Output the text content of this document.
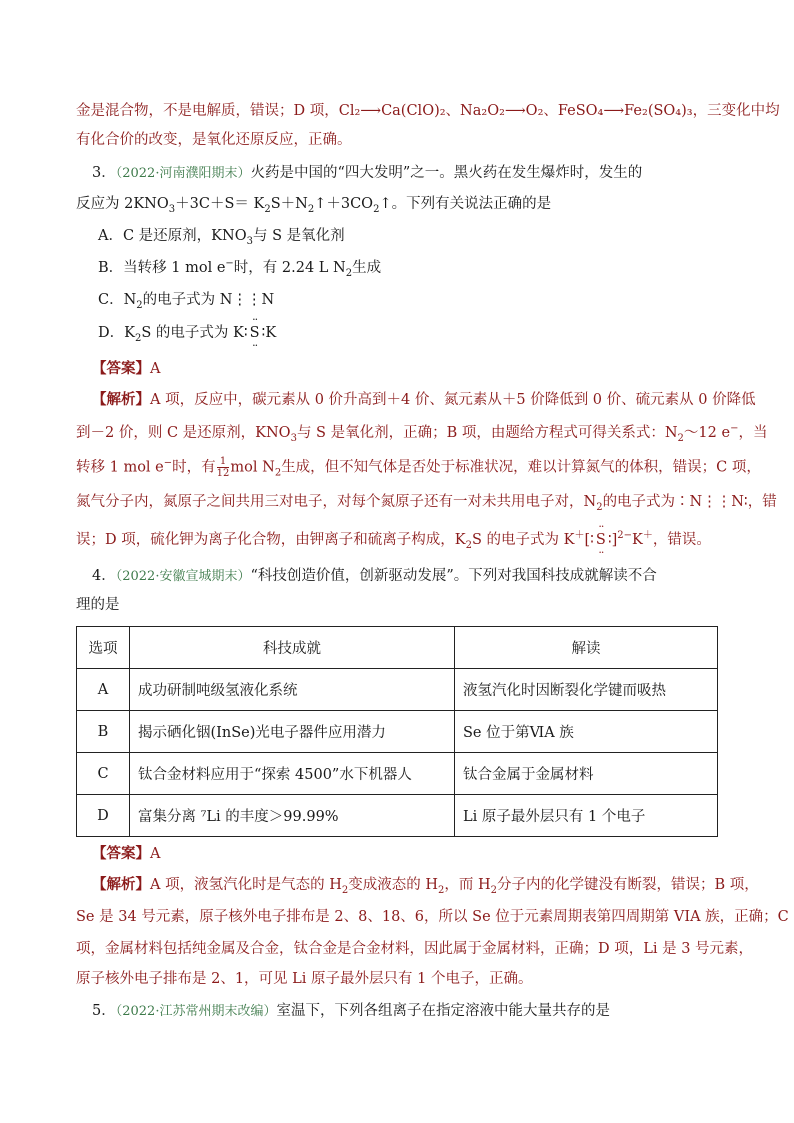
金是混合物，不是电解质，错误；D 项，Cl₂⟶Ca(ClO)₂、Na₂O₂⟶O₂、FeSO₄⟶Fe₂(SO₄)₃，三变化中均
有化合价的改变，是氧化还原反应，正确。
3．（2022·河南濮阳期末）火药是中国的“四大发明”之一。黑火药在发生爆炸时，发生的
反应为 $2KNO_3+3C+S=$ $K_2S+N_2↑+3CO_2↑$。下列有关说法正确的是
A．C 是还原剂，$KNO_3$与 S 是氧化剂
B．当转移 1 mol e−时，有 2.24 L $N_2$生成
C．$N_2$的电子式为 N⋮⋮N
D．$K_2S$ 的电子式为 K∶ ·· S ·· ∶K
【答案】A
【解析】A 项，反应中，碳元素从 0 价升高到＋4 价、氮元素从＋5 价降低到 0 价、硫元素从 0 价降低
到－2 价，则 C 是还原剂，$KNO_3$与 S 是氧化剂，正确；B 项，由题给方程式可得关系式：$N_2\sim 12$ e−，当
转移 1 mol e−时，有 $\frac{1}{12}$ mol $N_2$生成，但不知气体是否处于标准状况，难以计算氮气的体积，错误；C 项，
氮气分子内，氮原子之间共用三对电子，对每个氮原子还有一对未共用电子对，$N_2$的电子式为∶N⋮⋮N∶，错
误；D 项，硫化钾为离子化合物，由钾离子和硫离子构成，$K_2S$ 的电子式为 K＋[∶ ·· S ·· ∶]$^{2-}$K＋，错误。
4．（2022·安徽宣城期末）“科技创造价值，创新驱动发展”。下列对我国科技成就解读不合
理的是
选项	科技成就	解读
A	成功研制吨级氢液化系统	液氢汽化时因断裂化学键而吸热
B	揭示硒化铟(InSe)光电子器件应用潜力	Se 位于第ⅥA 族
C	钛合金材料应用于“探索 4500”水下机器人	钛合金属于金属材料
D	富集分离 ⁷Li 的丰度＞99.99%	Li 原子最外层只有 1 个电子
【答案】A
【解析】A 项，液氢汽化时是气态的 $H_2$变成液态的 $H_2$，而 $H_2$分子内的化学键没有断裂，错误；B 项，
Se 是 34 号元素，原子核外电子排布是 2、8、18、6，所以 Se 位于元素周期表第四周期第 VIA 族，正确；C
项，金属材料包括纯金属及合金，钛合金是合金材料，因此属于金属材料，正确；D 项，Li 是 3 号元素，
原子核外电子排布是 2、1，可见 Li 原子最外层只有 1 个电子，正确。
5．（2022·江苏常州期末改编）室温下，下列各组离子在指定溶液中能大量共存的是
